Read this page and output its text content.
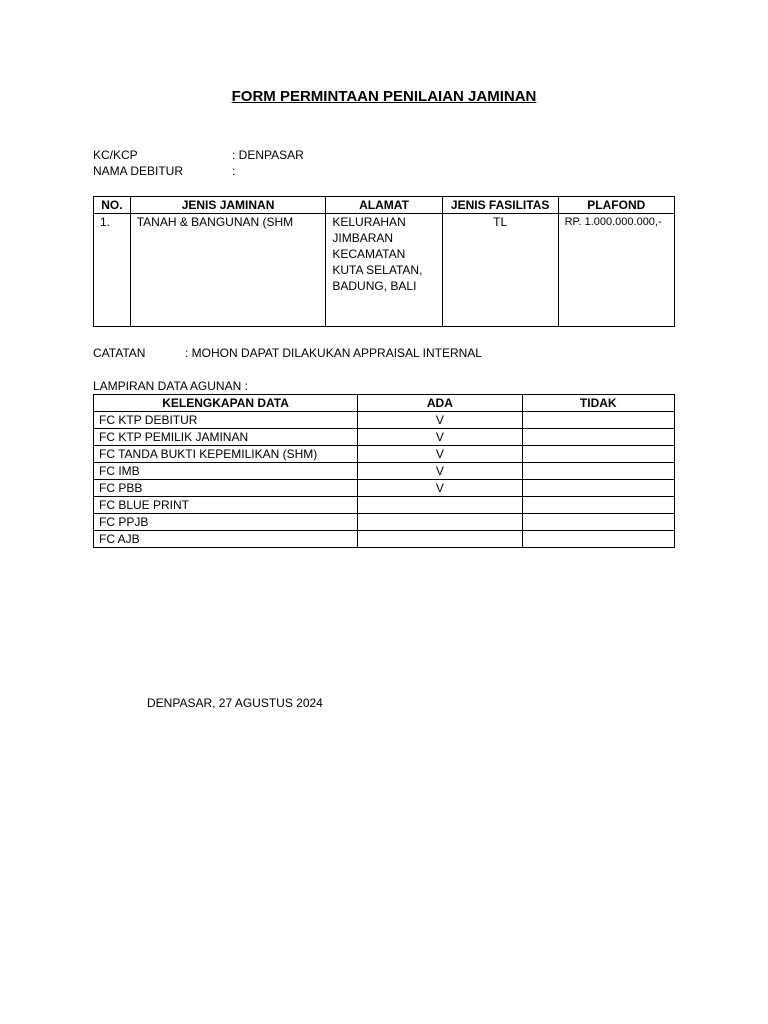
FORM PERMINTAAN PENILAIAN JAMINAN
KC/KCP	: DENPASAR
NAMA DEBITUR	:
NO.	JENIS JAMINAN	ALAMAT	JENIS FASILITAS	PLAFOND
1.	TANAH & BANGUNAN (SHM	KELURAHAN
JIMBARAN
KECAMATAN
KUTA SELATAN,
BADUNG, BALI	TL	RP. 1.000.000.000,-
CATATAN	: MOHON DAPAT DILAKUKAN APPRAISAL INTERNAL
LAMPIRAN DATA AGUNAN :
KELENGKAPAN DATA	ADA	TIDAK
FC KTP DEBITUR	V	
FC KTP PEMILIK JAMINAN	V	
FC TANDA BUKTI KEPEMILIKAN (SHM)	V	
FC IMB	V	
FC PBB	V	
FC BLUE PRINT		
FC PPJB		
FC AJB		
DENPASAR, 27 AGUSTUS 2024
